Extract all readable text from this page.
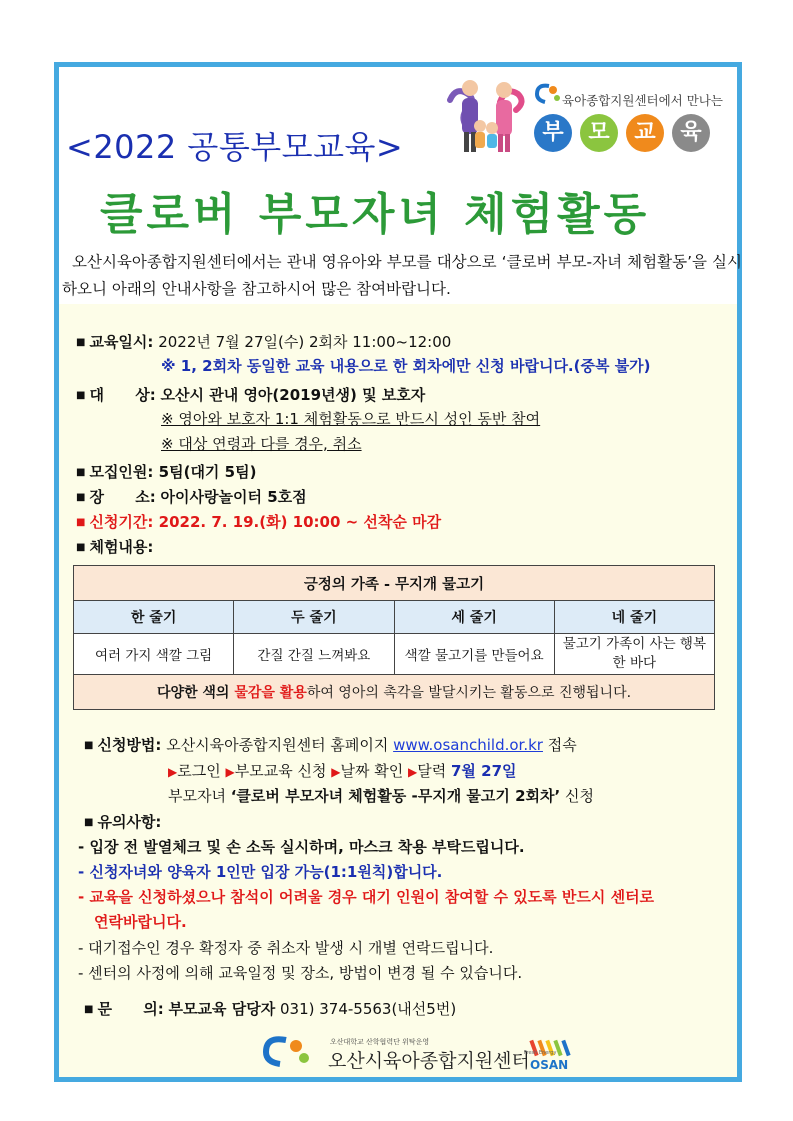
육아종합지원센터에서 만나는
부	모	교	육
<2022 공통부모교육>
클로버 부모자녀 체험활동
오산시육아종합지원센터에서는 관내 영유아와 부모를 대상으로 ‘클로버 부모-자녀 체험활동’을 실시하오니 아래의 안내사항을 참고하시어 많은 참여바랍니다.
■ 교육일시: 2022년 7월 27일(수) 2회차 11:00~12:00
※ 1, 2회차 동일한 교육 내용으로 한 회차에만 신청 바랍니다.(중복 불가)
■ 대      상: 오산시 관내 영아(2019년생) 및 보호자
※ 영아와 보호자 1:1 체험활동으로 반드시 성인 동반 참여
※ 대상 연령과 다를 경우, 취소
■ 모집인원: 5팀(대기 5팀)
■ 장      소: 아이사랑놀이터 5호점
■ 신청기간: 2022. 7. 19.(화) 10:00 ~ 선착순 마감
■ 체험내용:
긍정의 가족 - 무지개 물고기			
한 줄기	두 줄기	세 줄기	네 줄기
여러 가지 색깔 그림	간질 간질 느껴봐요	색깔 물고기를 만들어요	물고기 가족이 사는 행복한 바다
다양한 색의 물감을 활용하여 영아의 촉각을 발달시키는 활동으로 진행됩니다.			
■ 신청방법: 오산시육아종합지원센터 홈페이지 www.osanchild.or.kr 접속
▶로그인 ▶부모교육 신청 ▶날짜 확인 ▶달력 7월 27일
부모자녀 ‘클로버 부모자녀 체험활동 -무지개 물고기 2회차’ 신청
■ 유의사항:
- 입장 전 발열체크 및 손 소독 실시하며, 마스크 착용 부탁드립니다.
- 신청자녀와 양육자 1인만 입장 가능(1:1원칙)합니다.
- 교육을 신청하셨으나 참석이 어려울 경우 대기 인원이 참여할 수 있도록 반드시 센터로
연락바랍니다.
- 대기접수인 경우 확정자 중 취소자 발생 시 개별 연락드립니다.
- 센터의 사정에 의해 교육일정 및 장소, 방법이 변경 될 수 있습니다.
■ 문      의: 부모교육 담당자 031) 374-5563(내선5번)
오산대학교 산학협력단 위탁운영
오산시육아종합지원센터
Fresh Energy
OSAN
